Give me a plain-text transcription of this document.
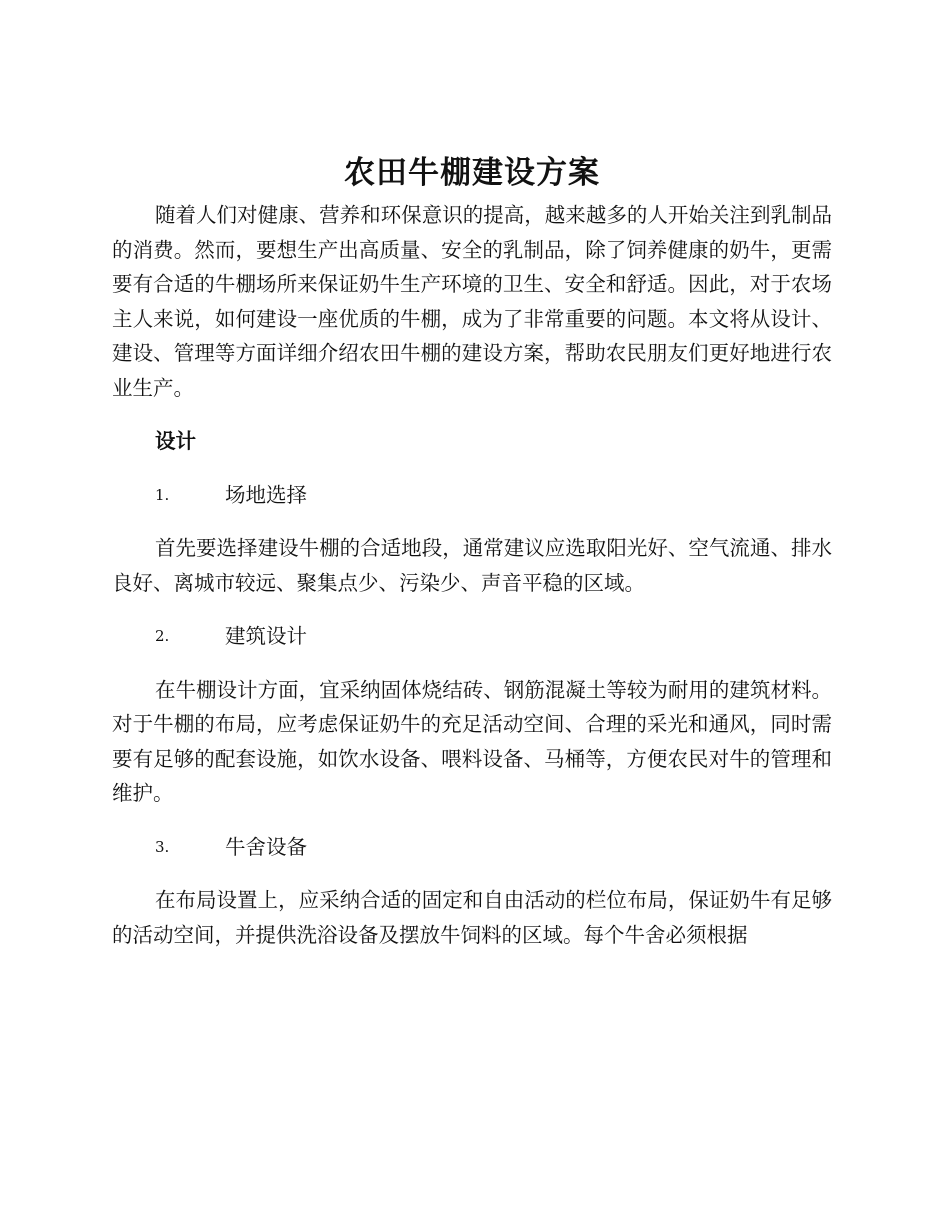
农田牛棚建设方案

随着人们对健康、营养和环保意识的提高，越来越多的人开始关注到乳制品的消费。然而，要想生产出高质量、安全的乳制品，除了饲养健康的奶牛，更需要有合适的牛棚场所来保证奶牛生产环境的卫生、安全和舒适。因此，对于农场主人来说，如何建设一座优质的牛棚，成为了非常重要的问题。本文将从设计、建设、管理等方面详细介绍农田牛棚的建设方案，帮助农民朋友们更好地进行农业生产。

设计
1.	场地选择

首先要选择建设牛棚的合适地段，通常建议应选取阳光好、空气流通、排水良好、离城市较远、聚集点少、污染少、声音平稳的区域。

2.	建筑设计

在牛棚设计方面，宜采纳固体烧结砖、钢筋混凝土等较为耐用的建筑材料。对于牛棚的布局，应考虑保证奶牛的充足活动空间、合理的采光和通风，同时需要有足够的配套设施，如饮水设备、喂料设备、马桶等，方便农民对牛的管理和维护。

3.	牛舍设备

在布局设置上，应采纳合适的固定和自由活动的栏位布局，保证奶牛有足够的活动空间，并提供洗浴设备及摆放牛饲料的区域。每个牛舍必须根据
